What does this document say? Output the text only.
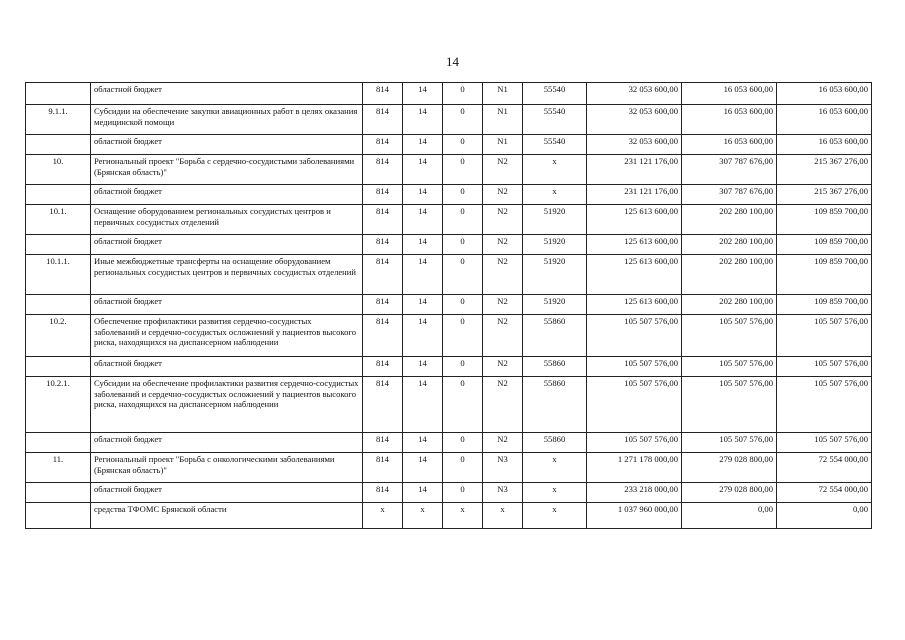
14
	областной бюджет	814	14	0	N1	55540	32 053 600,00	16 053 600,00	16 053 600,00
9.1.1.	Субсидии на обеспечение закупки авиационных работ в целях оказания медицинской помощи	814	14	0	N1	55540	32 053 600,00	16 053 600,00	16 053 600,00
	областной бюджет	814	14	0	N1	55540	32 053 600,00	16 053 600,00	16 053 600,00
10.	Региональный проект "Борьба с сердечно-сосудистыми заболеваниями (Брянская область)"	814	14	0	N2	x	231 121 176,00	307 787 676,00	215 367 276,00
	областной бюджет	814	14	0	N2	x	231 121 176,00	307 787 676,00	215 367 276,00
10.1.	Оснащение оборудованием региональных сосудистых центров и первичных сосудистых отделений	814	14	0	N2	51920	125 613 600,00	202 280 100,00	109 859 700,00
	областной бюджет	814	14	0	N2	51920	125 613 600,00	202 280 100,00	109 859 700,00
10.1.1.	Иные межбюджетные трансферты на оснащение оборудованием региональных сосудистых центров и первичных сосудистых отделений	814	14	0	N2	51920	125 613 600,00	202 280 100,00	109 859 700,00
	областной бюджет	814	14	0	N2	51920	125 613 600,00	202 280 100,00	109 859 700,00
10.2.	Обеспечение профилактики развития сердечно-сосудистых заболеваний и сердечно-сосудистых осложнений у пациентов высокого риска, находящихся на диспансерном наблюдении	814	14	0	N2	55860	105 507 576,00	105 507 576,00	105 507 576,00
	областной бюджет	814	14	0	N2	55860	105 507 576,00	105 507 576,00	105 507 576,00
10.2.1.	Субсидии на обеспечение профилактики развития сердечно-сосудистых заболеваний и сердечно-сосудистых осложнений у пациентов высокого риска, находящихся на диспансерном наблюдении	814	14	0	N2	55860	105 507 576,00	105 507 576,00	105 507 576,00
	областной бюджет	814	14	0	N2	55860	105 507 576,00	105 507 576,00	105 507 576,00
11.	Региональный проект "Борьба с онкологическими заболеваниями (Брянская область)"	814	14	0	N3	x	1 271 178 000,00	279 028 800,00	72 554 000,00
	областной бюджет	814	14	0	N3	x	233 218 000,00	279 028 800,00	72 554 000,00
	средства ТФОМС Брянской области	x	x	x	x	x	1 037 960 000,00	0,00	0,00
